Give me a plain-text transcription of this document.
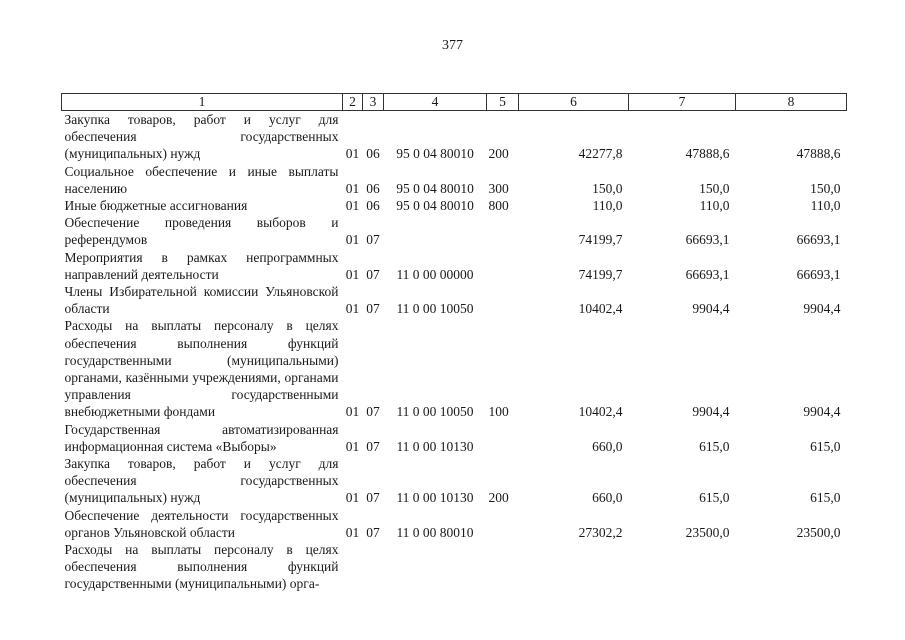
377
1	2	3	4	5	6	7	8
Закупка товаров, работ и услуг для обеспечения государственных (муниципальных) нужд	01	06	95 0 04 80010	200	42277,8	47888,6	47888,6
Социальное обеспечение и иные выплаты населению	01	06	95 0 04 80010	300	150,0	150,0	150,0
Иные бюджетные ассигнования	01	06	95 0 04 80010	800	110,0	110,0	110,0
Обеспечение проведения выборов и референдумов	01	07			74199,7	66693,1	66693,1
Мероприятия в рамках непрограммных направлений деятельности	01	07	11 0 00 00000		74199,7	66693,1	66693,1
Члены Избирательной комиссии Ульяновской области	01	07	11 0 00 10050		10402,4	9904,4	9904,4
Расходы на выплаты персоналу в целях обеспечения выполнения функций государственными (муниципальными) органами, казёнными учреждениями, органами управления государственными внебюджетными фондами	01	07	11 0 00 10050	100	10402,4	9904,4	9904,4
Государственная автоматизированная информационная система «Выборы»	01	07	11 0 00 10130		660,0	615,0	615,0
Закупка товаров, работ и услуг для обеспечения государственных (муниципальных) нужд	01	07	11 0 00 10130	200	660,0	615,0	615,0
Обеспечение деятельности государственных органов Ульяновской области	01	07	11 0 00 80010		27302,2	23500,0	23500,0
Расходы на выплаты персоналу в целях обеспечения выполнения функций государственными (муниципальными) орга-							
